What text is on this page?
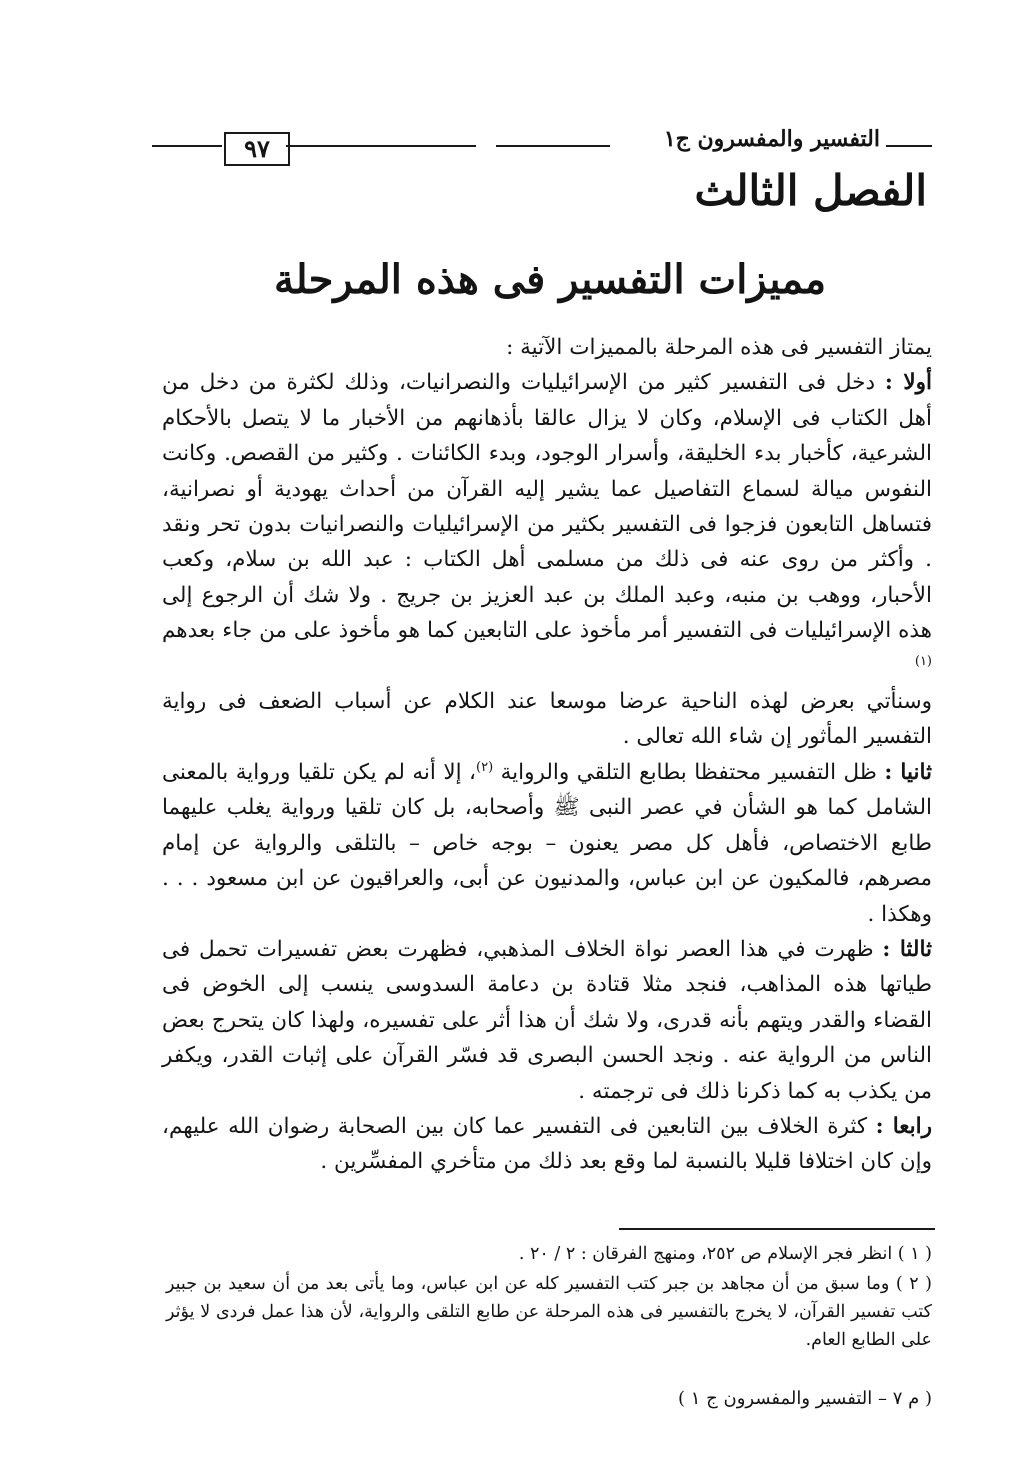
التفسير والمفسرون ج١
٩٧
الفصل الثالث
مميزات التفسير فى هذه المرحلة

يمتاز التفسير فى هذه المرحلة بالمميزات الآتية :

أولا : دخل فى التفسير كثير من الإسرائيليات والنصرانيات، وذلك لكثرة من دخل من أهل الكتاب فى الإسلام، وكان لا يزال عالقا بأذهانهم من الأخبار ما لا يتصل بالأحكام الشرعية، كأخبار بدء الخليقة، وأسرار الوجود، وبدء الكائنات . وكثير من القصص. وكانت النفوس ميالة لسماع التفاصيل عما يشير إليه القرآن من أحداث يهودية أو نصرانية، فتساهل التابعون فزجوا فى التفسير بكثير من الإسرائيليات والنصرانيات بدون تحر ونقد . وأكثر من روى عنه فى ذلك من مسلمى أهل الكتاب : عبد الله بن سلام، وكعب الأحبار، ووهب بن منبه، وعبد الملك بن عبد العزيز بن جريج . ولا شك أن الرجوع إلى هذه الإسرائيليات فى التفسير أمر مأخوذ على التابعين كما هو مأخوذ على من جاء بعدهم $^{(١)}$

وسنأتي بعرض لهذه الناحية عرضا موسعا عند الكلام عن أسباب الضعف فى رواية التفسير المأثور إن شاء الله تعالى .

ثانيا : ظل التفسير محتفظا بطابع التلقي والرواية $^{(٢)}$، إلا أنه لم يكن تلقيا ورواية بالمعنى الشامل كما هو الشأن في عصر النبى ﷺ وأصحابه، بل كان تلقيا ورواية يغلب عليهما طابع الاختصاص، فأهل كل مصر يعنون – بوجه خاص – بالتلقى والرواية عن إمام مصرهم، فالمكيون عن ابن عباس، والمدنيون عن أبى، والعراقيون عن ابن مسعود . . . وهكذا .

ثالثا : ظهرت في هذا العصر نواة الخلاف المذهبي، فظهرت بعض تفسيرات تحمل فى طياتها هذه المذاهب، فنجد مثلا قتادة بن دعامة السدوسى ينسب إلى الخوض فى القضاء والقدر ويتهم بأنه قدرى، ولا شك أن هذا أثر على تفسيره، ولهذا كان يتحرج بعض الناس من الرواية عنه . ونجد الحسن البصرى قد فسّر القرآن على إثبات القدر، ويكفر من يكذب به كما ذكرنا ذلك فى ترجمته .

رابعا : كثرة الخلاف بين التابعين فى التفسير عما كان بين الصحابة رضوان الله عليهم، وإن كان اختلافا قليلا بالنسبة لما وقع بعد ذلك من متأخري المفسِّرين .

( ١ ) انظر فجر الإسلام ص ٢٥٢، ومنهج الفرقان : ٢ / ٢٠ .

( ٢ ) وما سبق من أن مجاهد بن جبر كتب التفسير كله عن ابن عباس، وما يأتى بعد من أن سعيد بن جبير كتب تفسير القرآن، لا يخرج بالتفسير فى هذه المرحلة عن طابع التلقى والرواية، لأن هذا عمل فردى لا يؤثر على الطابع العام.

( م ٧ – التفسير والمفسرون ج ١ )
